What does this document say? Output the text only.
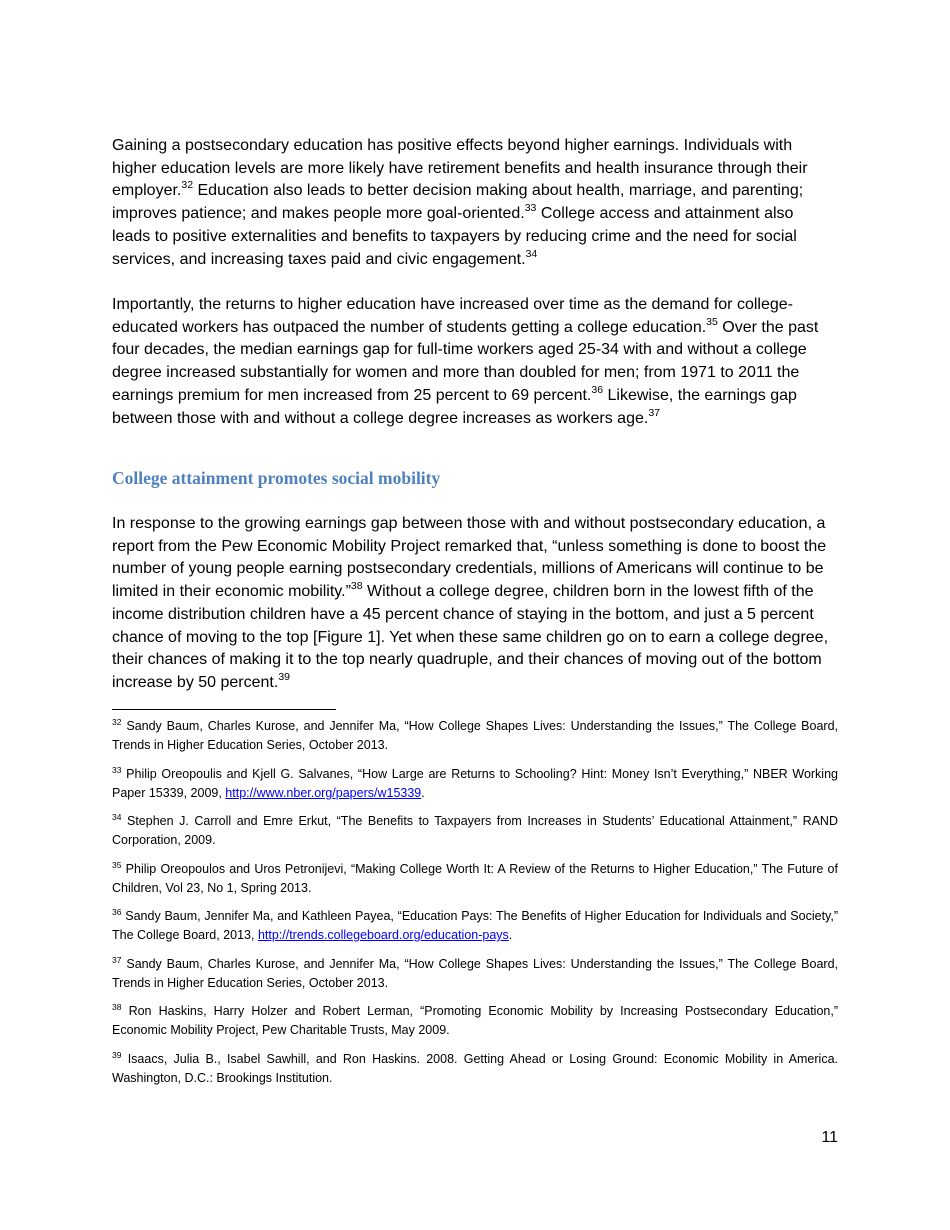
Gaining a postsecondary education has positive effects beyond higher earnings. Individuals with higher education levels are more likely have retirement benefits and health insurance through their employer.$^{32}$ Education also leads to better decision making about health, marriage, and parenting; improves patience; and makes people more goal-oriented.$^{33}$ College access and attainment also leads to positive externalities and benefits to taxpayers by reducing crime and the need for social services, and increasing taxes paid and civic engagement.$^{34}$

Importantly, the returns to higher education have increased over time as the demand for college-educated workers has outpaced the number of students getting a college education.$^{35}$ Over the past four decades, the median earnings gap for full-time workers aged 25-34 with and without a college degree increased substantially for women and more than doubled for men; from 1971 to 2011 the earnings premium for men increased from 25 percent to 69 percent.$^{36}$ Likewise, the earnings gap between those with and without a college degree increases as workers age.$^{37}$

College attainment promotes social mobility

In response to the growing earnings gap between those with and without postsecondary education, a report from the Pew Economic Mobility Project remarked that, “unless something is done to boost the number of young people earning postsecondary credentials, millions of Americans will continue to be limited in their economic mobility.”$^{38}$ Without a college degree, children born in the lowest fifth of the income distribution children have a 45 percent chance of staying in the bottom, and just a 5 percent chance of moving to the top [Figure 1]. Yet when these same children go on to earn a college degree, their chances of making it to the top nearly quadruple, and their chances of moving out of the bottom increase by 50 percent.$^{39}$

$^{32}$ Sandy Baum, Charles Kurose, and Jennifer Ma, “How College Shapes Lives: Understanding the Issues,” The College Board, Trends in Higher Education Series, October 2013.

$^{33}$ Philip Oreopoulis and Kjell G. Salvanes, “How Large are Returns to Schooling? Hint: Money Isn’t Everything,” NBER Working Paper 15339, 2009, http://www.nber.org/papers/w15339.

$^{34}$ Stephen J. Carroll and Emre Erkut, “The Benefits to Taxpayers from Increases in Students’ Educational Attainment,” RAND Corporation, 2009.

$^{35}$ Philip Oreopoulos and Uros Petronijevi, “Making College Worth It: A Review of the Returns to Higher Education,” The Future of Children, Vol 23, No 1, Spring 2013.

$^{36}$ Sandy Baum, Jennifer Ma, and Kathleen Payea, “Education Pays: The Benefits of Higher Education for Individuals and Society,” The College Board, 2013, http://trends.collegeboard.org/education-pays.

$^{37}$ Sandy Baum, Charles Kurose, and Jennifer Ma, “How College Shapes Lives: Understanding the Issues,” The College Board, Trends in Higher Education Series, October 2013.

$^{38}$ Ron Haskins, Harry Holzer and Robert Lerman, “Promoting Economic Mobility by Increasing Postsecondary Education,” Economic Mobility Project, Pew Charitable Trusts, May 2009.

$^{39}$ Isaacs, Julia B., Isabel Sawhill, and Ron Haskins. 2008. Getting Ahead or Losing Ground: Economic Mobility in America. Washington, D.C.: Brookings Institution.

11
